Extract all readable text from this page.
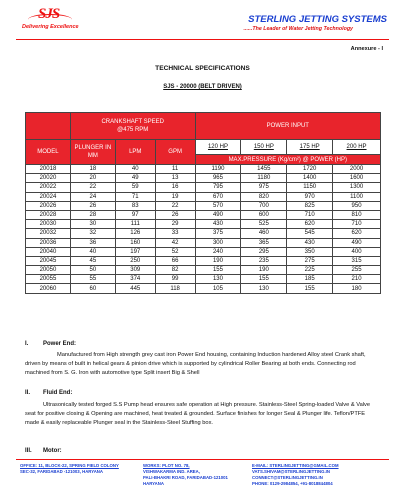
SJS
Delivering Excellence
STERLING JETTING SYSTEMS
......The Leader of Water Jetting Technology
Annexure - I
TECHNICAL SPECIFICATIONS
SJS - 20000 (BELT DRIVEN)
	CRANKSHAFT SPEED
@475 RPM			POWER INPUT			

MODEL	PLUNGER IN MM	LPM	GPM	120 HP	150 HP	175 HP	200 HP
				MAX.PRESSURE (Kg/cm²) @ POWER (HP)			
20018	18	40	11	1190	1455	1720	2000
20020	20	49	13	965	1180	1400	1600
20022	22	59	16	795	975	1150	1300
20024	24	71	19	670	820	970	1100
20026	26	83	22	570	700	825	950
20028	28	97	26	490	600	710	810
20030	30	111	29	430	525	620	710
20032	32	126	33	375	460	545	620
20036	36	160	42	300	365	430	490
20040	40	197	52	240	295	350	400
20045	45	250	66	190	235	275	315
20050	50	309	82	155	190	225	255
20055	55	374	99	130	155	185	210
20060	60	445	118	105	130	155	180
I. Power End:
Manufactured from High strength grey cast iron Power End housing, containing Induction hardened Alloy steel Crank shaft, driven by means of built in helical gears & pinion drive which is supported by cylindrical Roller Bearing at both ends. Connecting rod machined from S. G. Iron with automotive type Split insert Big & Shell
II. Fluid End:
Ultrasonically tested forged S.S Pump head ensures safe operation at High pressure. Stainless-Steel Spring-loaded Valve & Valve seat for positive closing & Opening are machined, heat treated & grounded. Surface finishes for longer Seal & Plunger life. Teflon/PTFE made & easily replaceable Plunger seal in the Stainless-Steel Stuffing box.
III. Motor:
OFFICE: 11, BLOCK-22, SPRING FIELD COLONY
SEC-32, FARIDABAD -121003, HARYANA
WORKS: PLOT NO. 78,
VISHWAKARMA IND. AREA,
PALI-BHAKRI ROAD, FARIDABAD-121001
HARYANA
E-MAIL: STERLINGJETTING@GMAIL.COM
VATS.SHIVAM@STERLINGJETTING.IN
CONNECT@STERLINGJETTING.IN
PHONE: 0129-2984854, +91-8018844804
